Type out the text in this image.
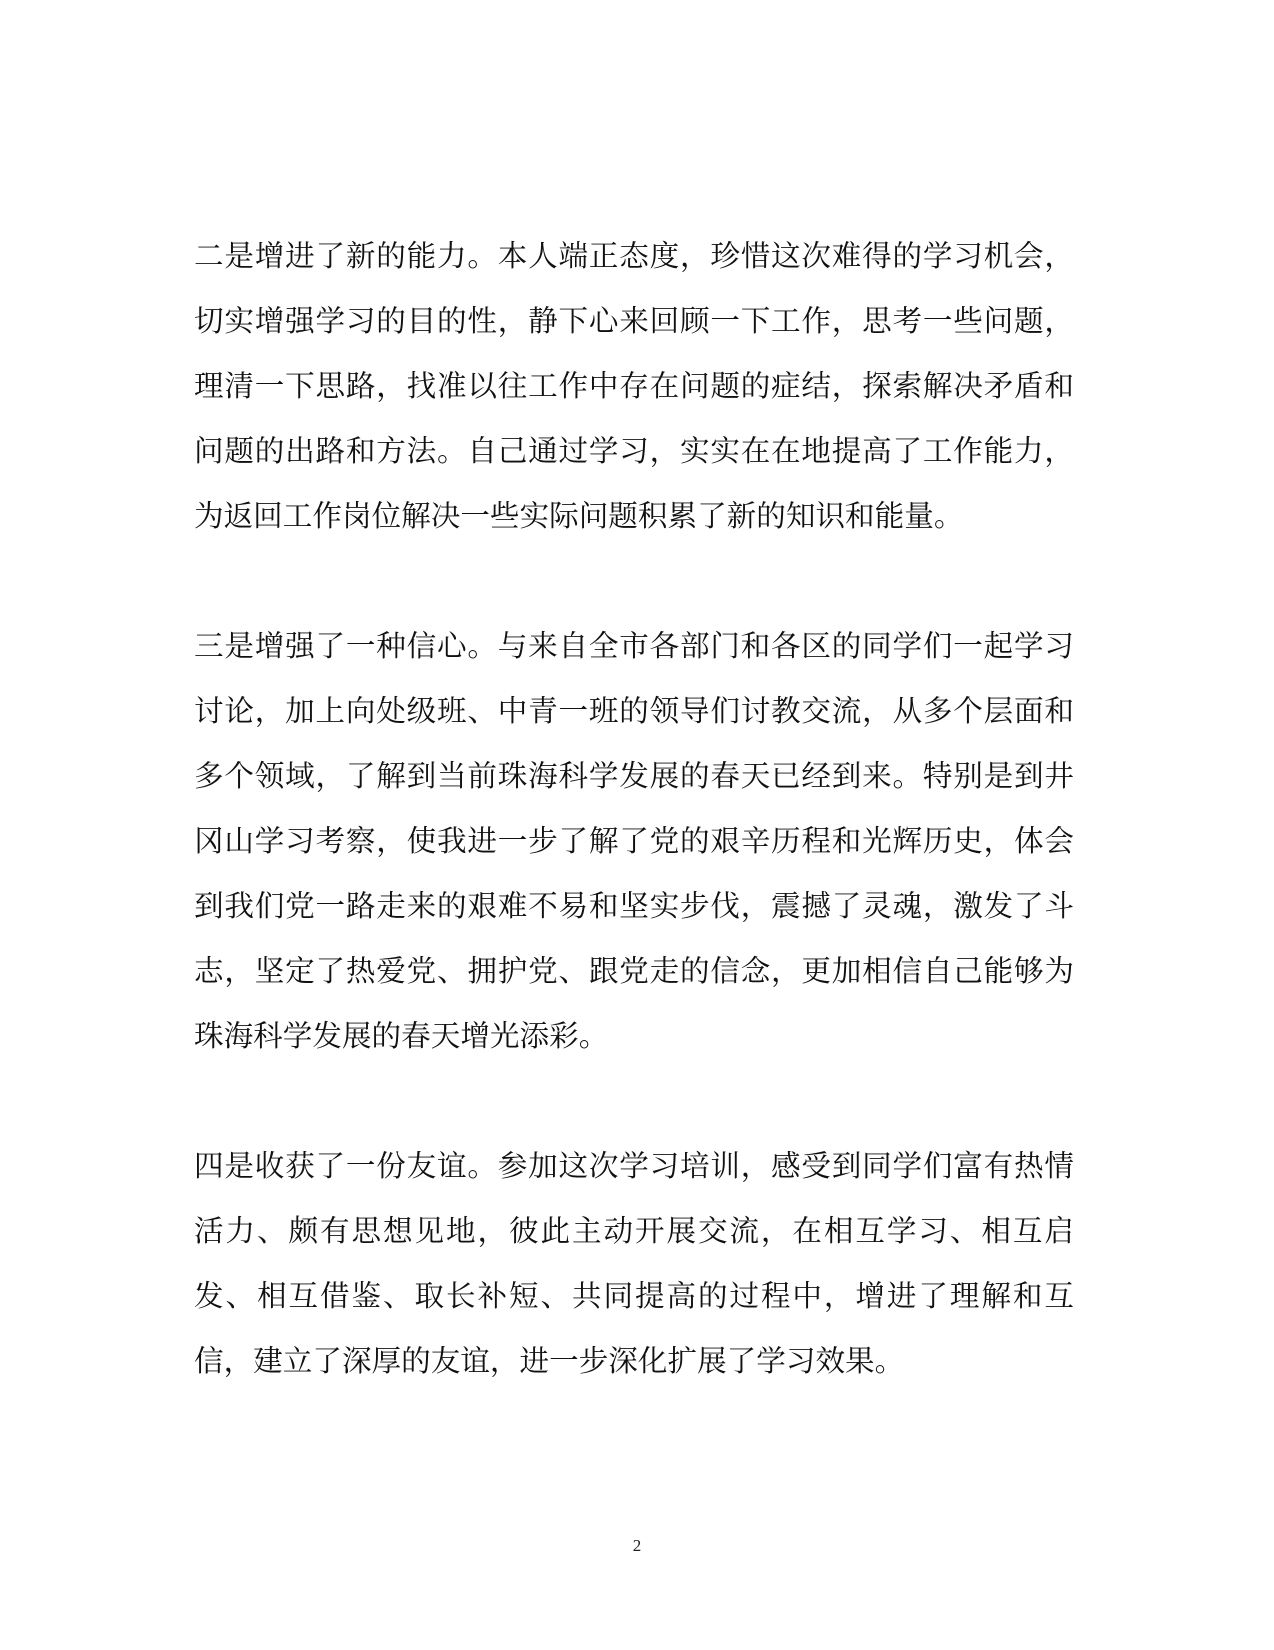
二是增进了新的能力。本人端正态度，珍惜这次难得的学习机会，切实增强学习的目的性，静下心来回顾一下工作，思考一些问题，理清一下思路，找准以往工作中存在问题的症结，探索解决矛盾和问题的出路和方法。自己通过学习，实实在在地提高了工作能力，为返回工作岗位解决一些实际问题积累了新的知识和能量。

三是增强了一种信心。与来自全市各部门和各区的同学们一起学习讨论，加上向处级班、中青一班的领导们讨教交流，从多个层面和多个领域，了解到当前珠海科学发展的春天已经到来。特别是到井冈山学习考察，使我进一步了解了党的艰辛历程和光辉历史，体会到我们党一路走来的艰难不易和坚实步伐，震撼了灵魂，激发了斗志，坚定了热爱党、拥护党、跟党走的信念，更加相信自己能够为珠海科学发展的春天增光添彩。

四是收获了一份友谊。参加这次学习培训，感受到同学们富有热情活力、颇有思想见地，彼此主动开展交流，在相互学习、相互启发、相互借鉴、取长补短、共同提高的过程中，增进了理解和互信，建立了深厚的友谊，进一步深化扩展了学习效果。

2
